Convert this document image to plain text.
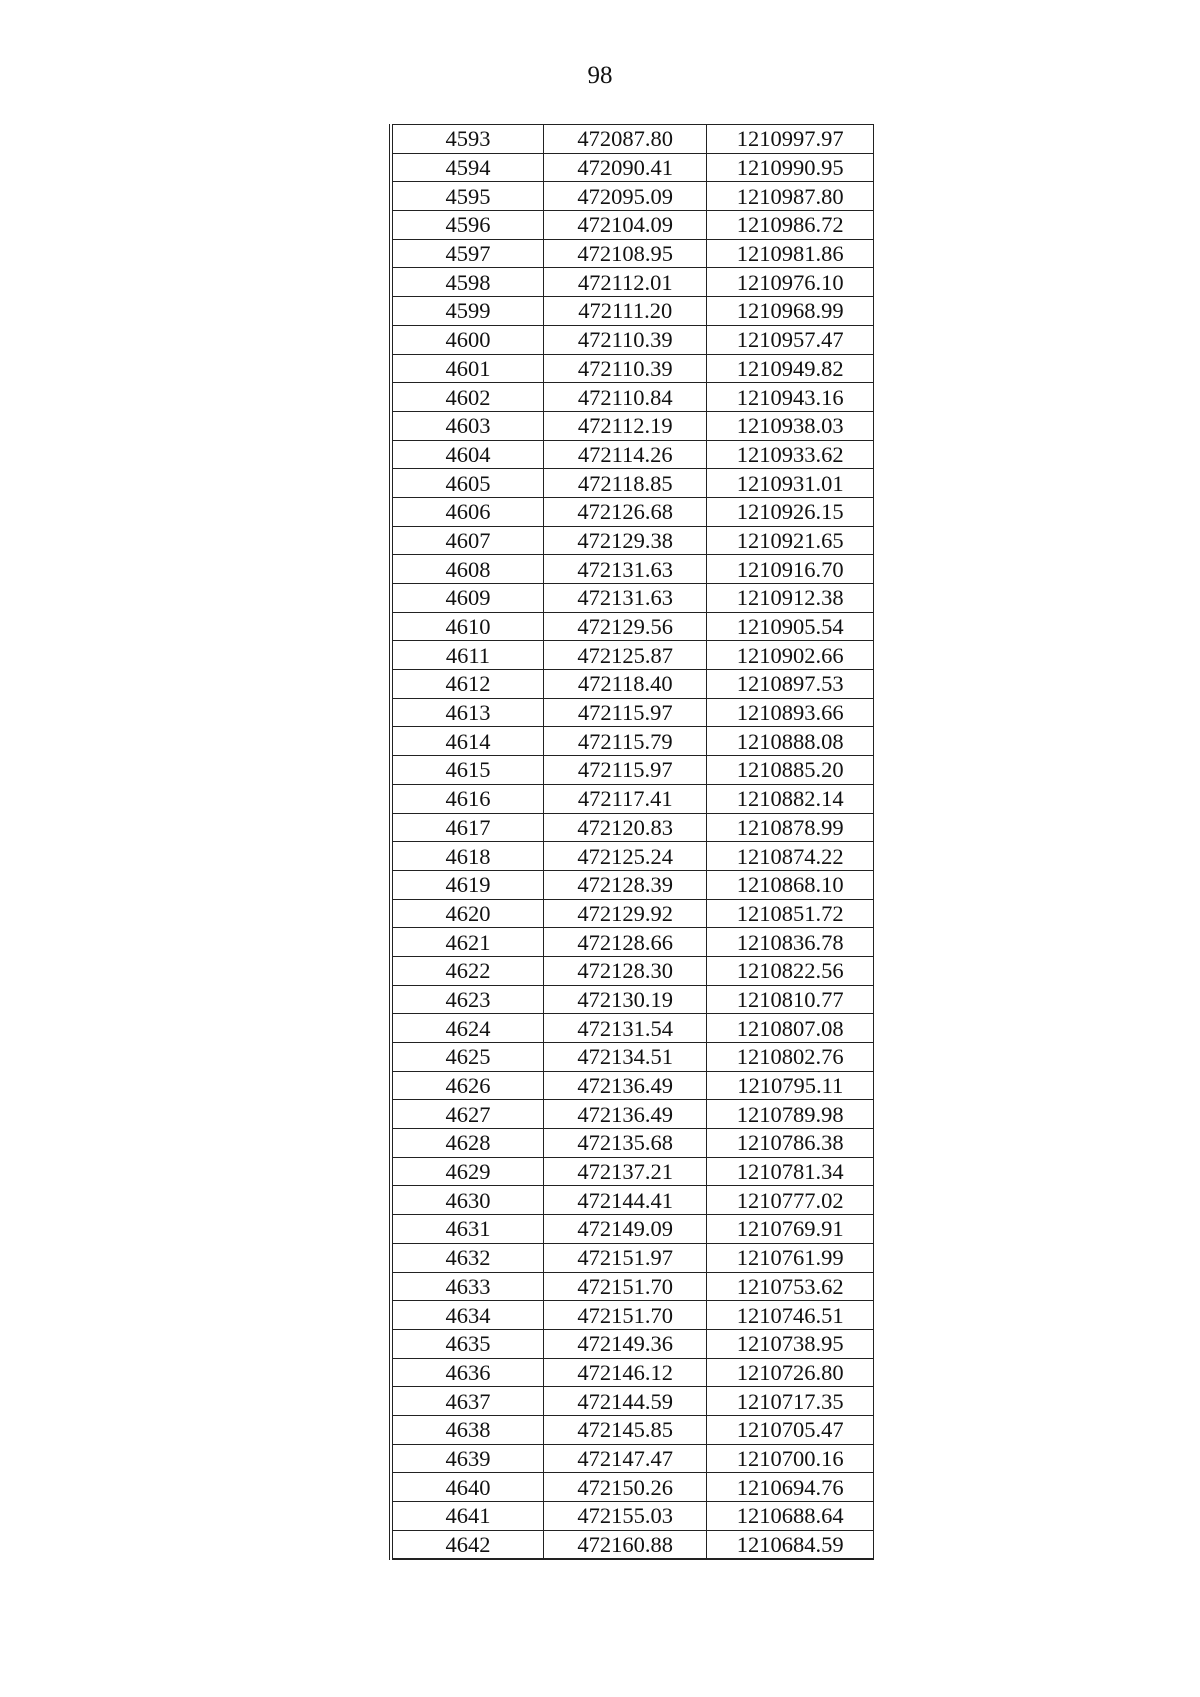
98
4593	472087.80	1210997.97
4594	472090.41	1210990.95
4595	472095.09	1210987.80
4596	472104.09	1210986.72
4597	472108.95	1210981.86
4598	472112.01	1210976.10
4599	472111.20	1210968.99
4600	472110.39	1210957.47
4601	472110.39	1210949.82
4602	472110.84	1210943.16
4603	472112.19	1210938.03
4604	472114.26	1210933.62
4605	472118.85	1210931.01
4606	472126.68	1210926.15
4607	472129.38	1210921.65
4608	472131.63	1210916.70
4609	472131.63	1210912.38
4610	472129.56	1210905.54
4611	472125.87	1210902.66
4612	472118.40	1210897.53
4613	472115.97	1210893.66
4614	472115.79	1210888.08
4615	472115.97	1210885.20
4616	472117.41	1210882.14
4617	472120.83	1210878.99
4618	472125.24	1210874.22
4619	472128.39	1210868.10
4620	472129.92	1210851.72
4621	472128.66	1210836.78
4622	472128.30	1210822.56
4623	472130.19	1210810.77
4624	472131.54	1210807.08
4625	472134.51	1210802.76
4626	472136.49	1210795.11
4627	472136.49	1210789.98
4628	472135.68	1210786.38
4629	472137.21	1210781.34
4630	472144.41	1210777.02
4631	472149.09	1210769.91
4632	472151.97	1210761.99
4633	472151.70	1210753.62
4634	472151.70	1210746.51
4635	472149.36	1210738.95
4636	472146.12	1210726.80
4637	472144.59	1210717.35
4638	472145.85	1210705.47
4639	472147.47	1210700.16
4640	472150.26	1210694.76
4641	472155.03	1210688.64
4642	472160.88	1210684.59
